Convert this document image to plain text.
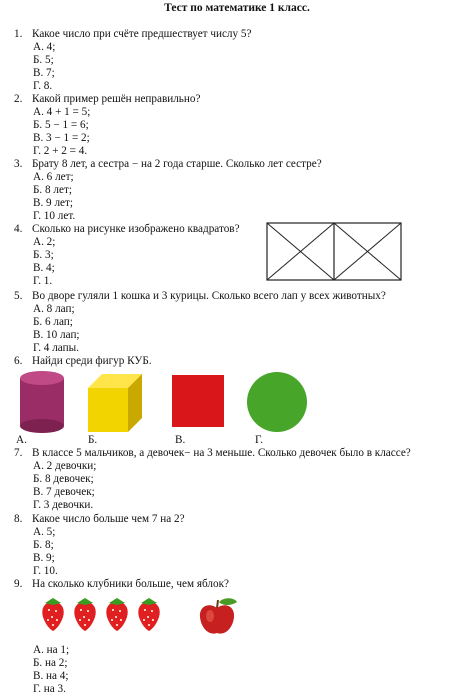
Тест по математике 1 класс.
1. Какое число при счёте предшествует числу 5?
А. 4;
Б. 5;
В. 7;
Г. 8.
2. Какой пример решён неправильно?
А. 4 + 1 = 5;
Б. 5 − 1 = 6;
В. 3 − 1 = 2;
Г. 2 + 2 = 4.
3. Брату 8 лет, а сестра − на 2 года старше. Сколько лет сестре?
А. 6 лет;
Б. 8 лет;
В. 9 лет;
Г. 10 лет.
4. Сколько на рисунке изображено квадратов?
А. 2;
Б. 3;
В. 4;
Г. 1.
5. Во дворе гуляли 1 кошка и 3 курицы. Сколько всего лап у всех животных?
А. 8 лап;
Б. 6 лап;
В. 10 лап;
Г. 4 лапы.
6. Найди среди фигур КУБ.
А.	Б.	В.	Г.
7. В классе 5 мальчиков, а девочек− на 3 меньше. Сколько девочек было в классе?
А. 2 девочки;
Б. 8 девочек;
В. 7 девочек;
Г. 3 девочки.
8. Какое число больше чем 7 на 2?
А. 5;
Б. 8;
В. 9;
Г. 10.
9. На сколько клубники больше, чем яблок?
А. на 1;
Б. на 2;
В. на 4;
Г. на 3.
